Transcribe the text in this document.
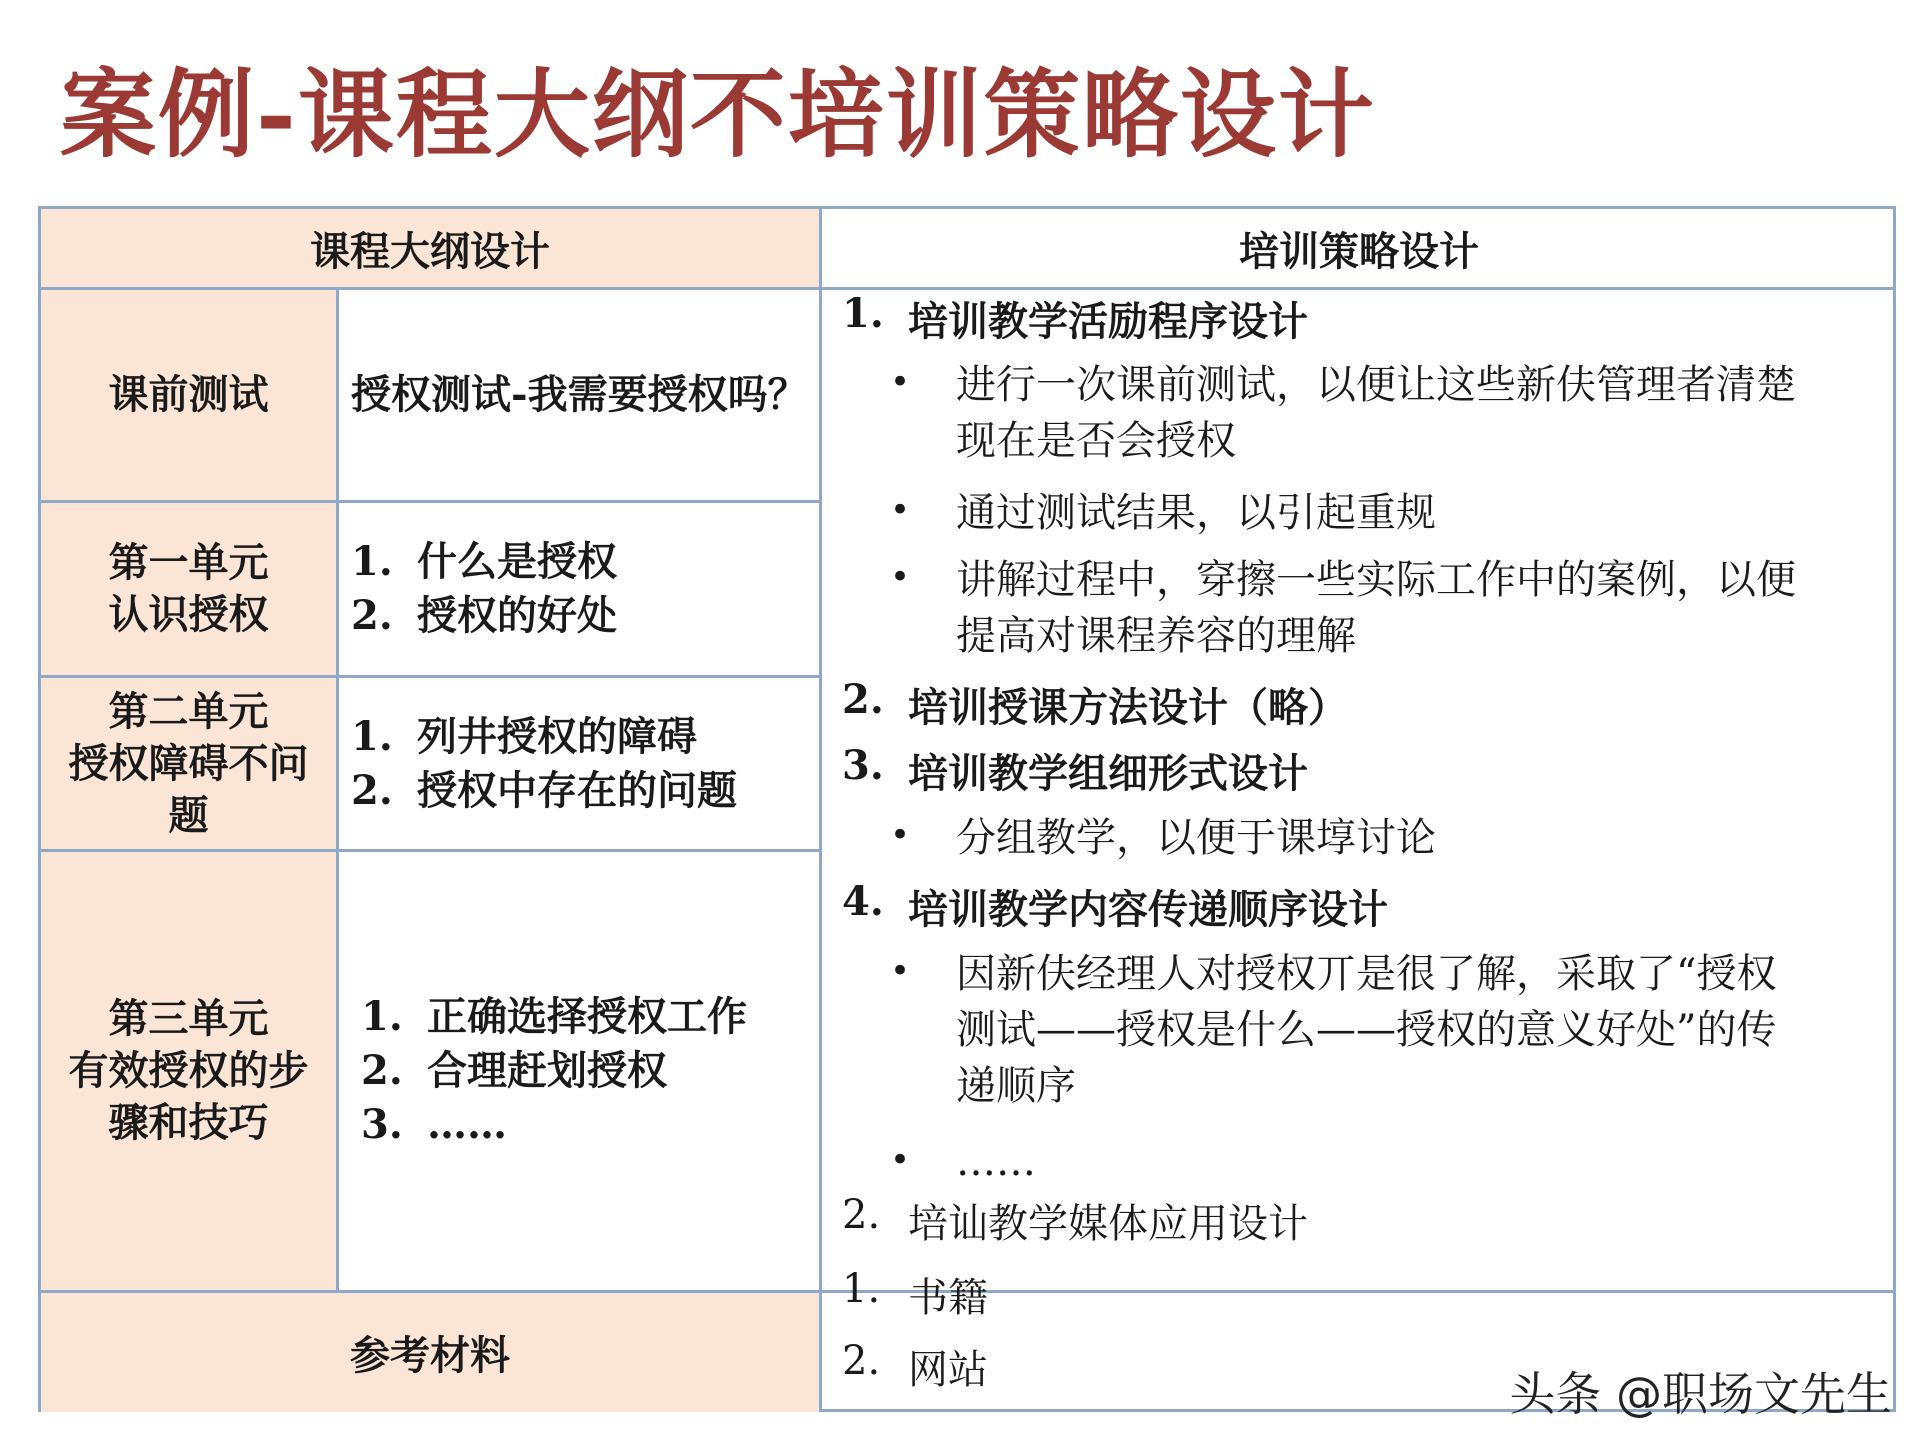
案例-课程大纲不培训策略设计
课程大纲设计	培训策略设计
课前测试 授权测试-我需要授权吗？
第一单元
认识授权
1. 什么是授权
2. 授权的好处
第二单元
授权障碍不问
题
1. 列井授权的障碍
2. 授权中存在的问题
第三单元
有效授权的步
骤和技巧
1. 正确选择授权工作
2. 合理赶划授权
3. ……
参考材料
1. 培训教学活励程序设计
• 进行一次课前测试，以便让这些新伕管理者清楚
现在是否会授权
• 通过测试结果，以引起重规
• 讲解过程中，穿擦一些实际工作中的案例，以便
提高对课程养容的理解
2. 培训授课方法设计（略）
3. 培训教学组细形式设计
• 分组教学，以便于课埻讨论
4. 培训教学内容传递顺序设计
• 因新伕经理人对授权丌是很了解，采取了“授权
测试——授权是什么——授权的意义好处”的传
递顺序
• ……
2. 培讪教学媒体应用设计
1. 书籍
2. 网站	头条 @职场文先生
